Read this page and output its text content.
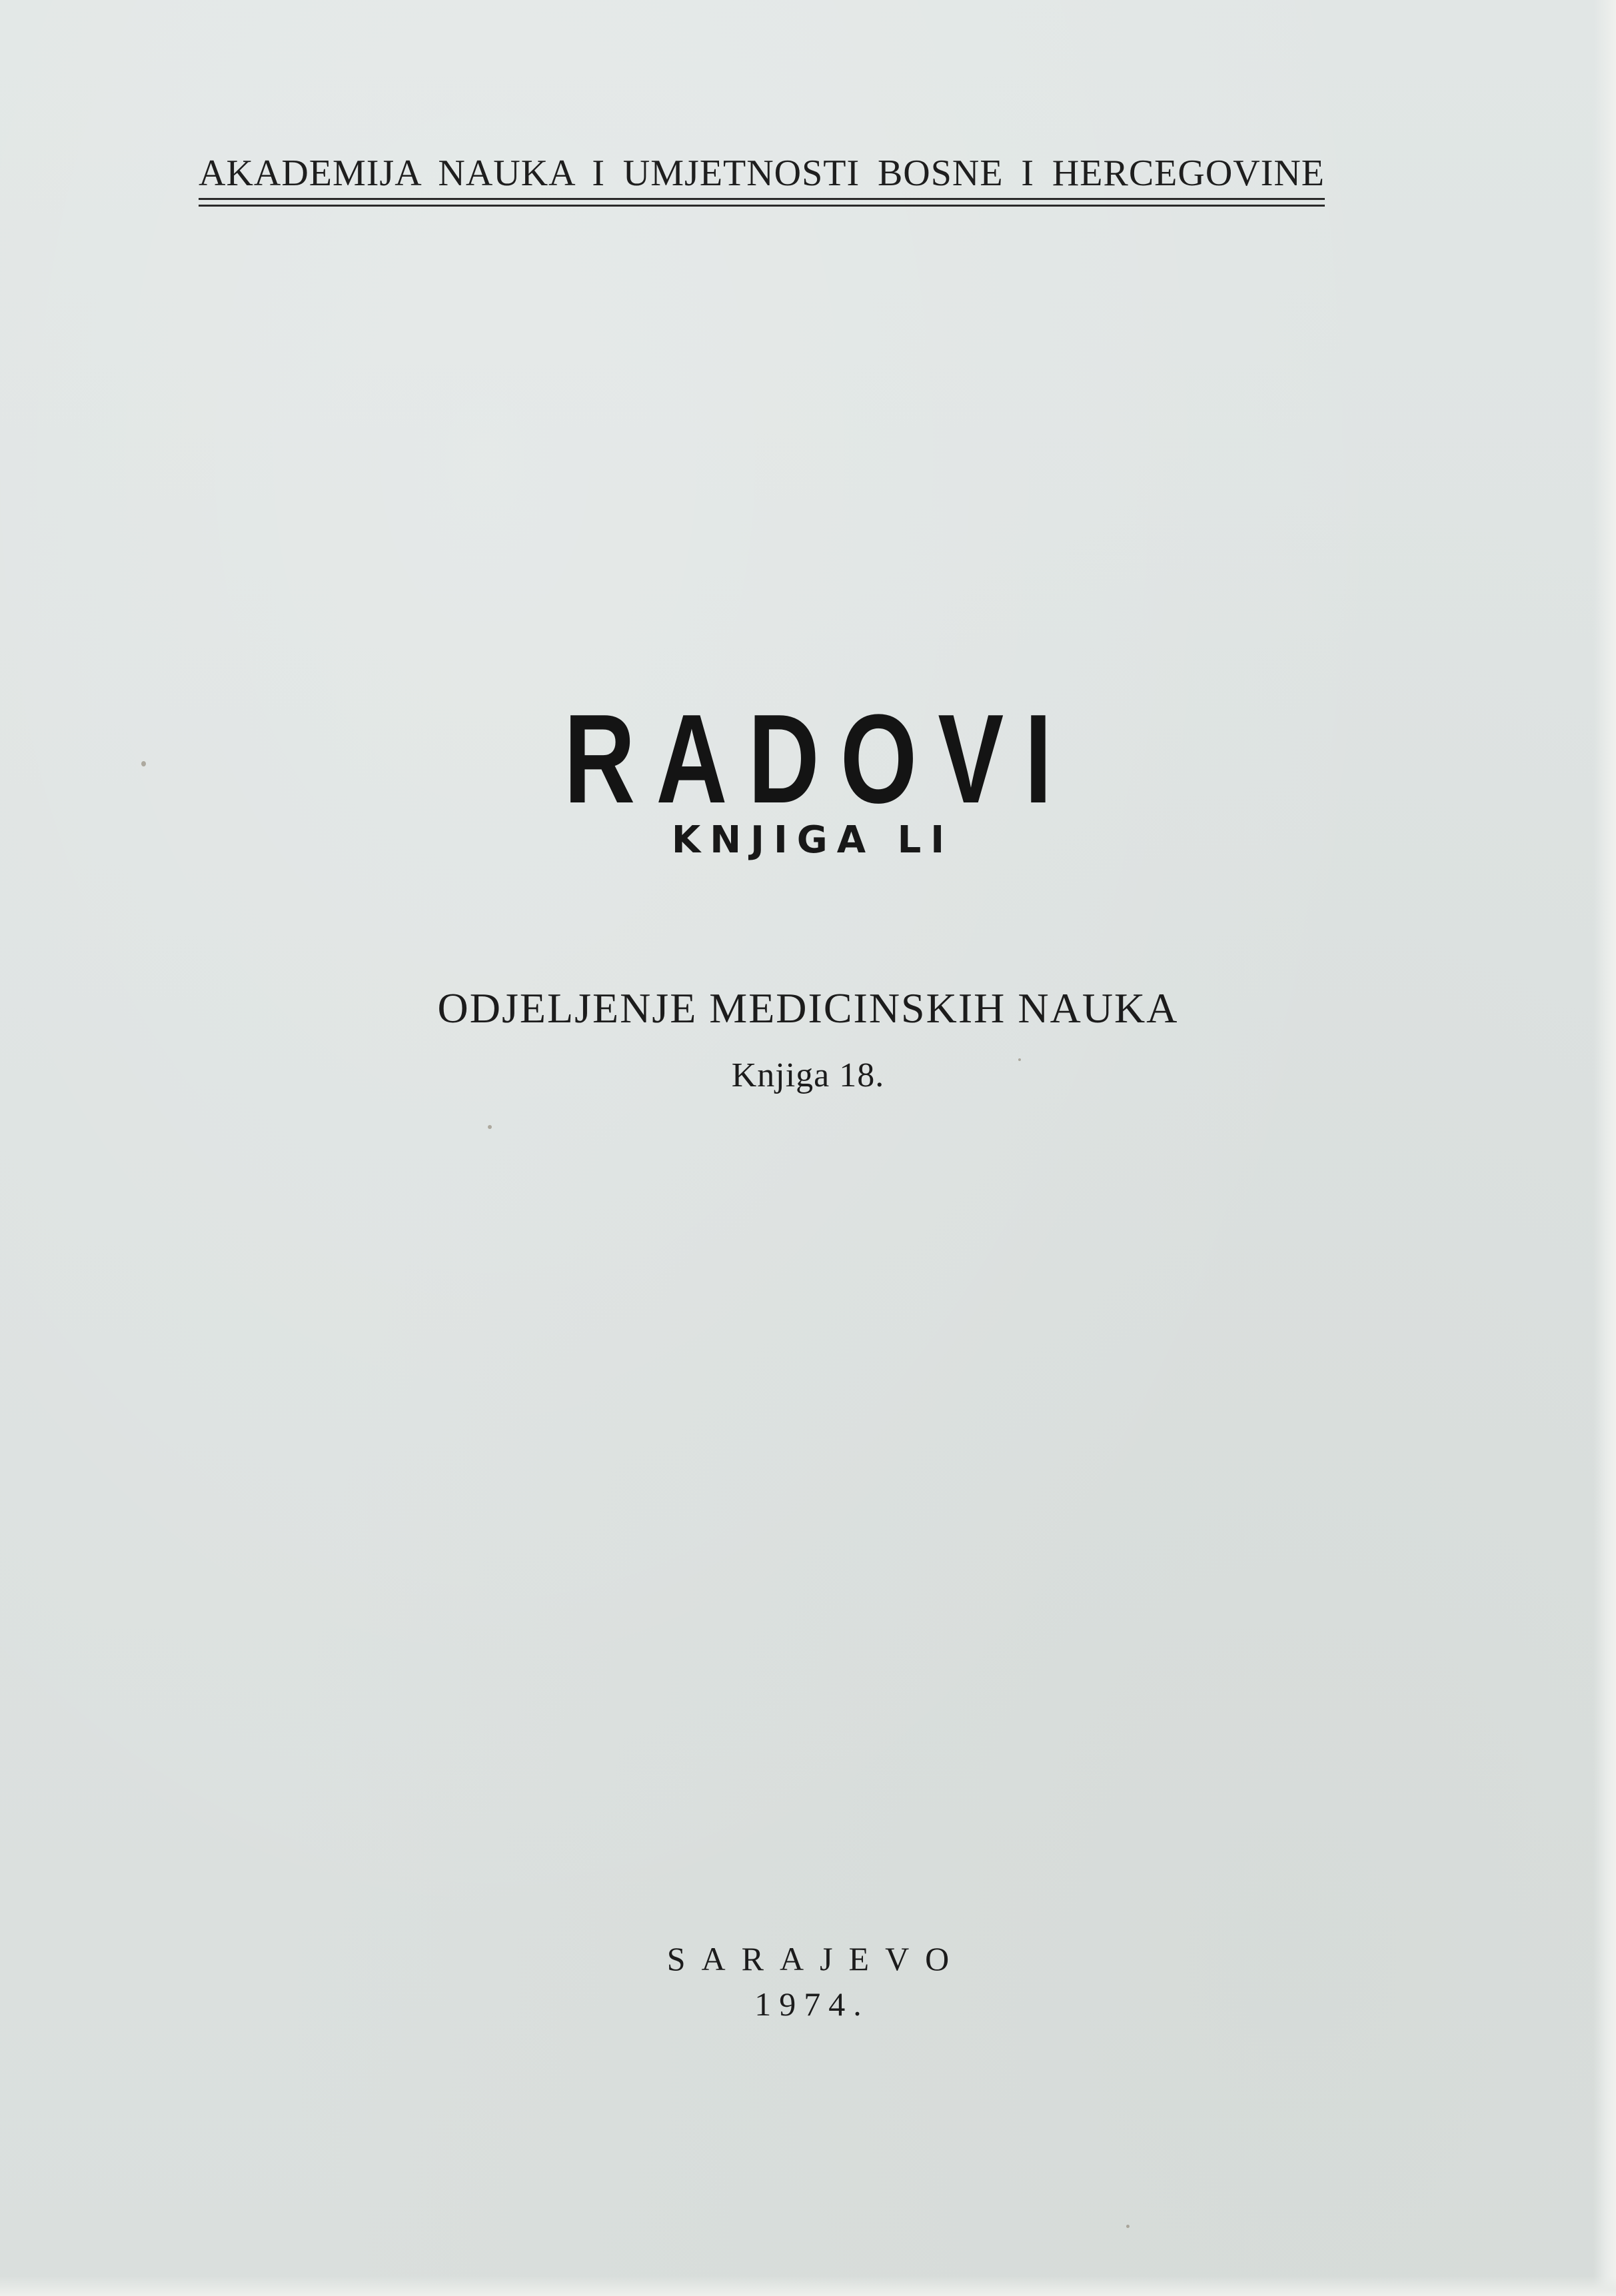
AKADEMIJA NAUKA I UMJETNOSTI BOSNE I HERCEGOVINE
RADOVI
KNJIGA LI
ODJELJENJE MEDICINSKIH NAUKA
Knjiga 18.
SARAJEVO
1974.
